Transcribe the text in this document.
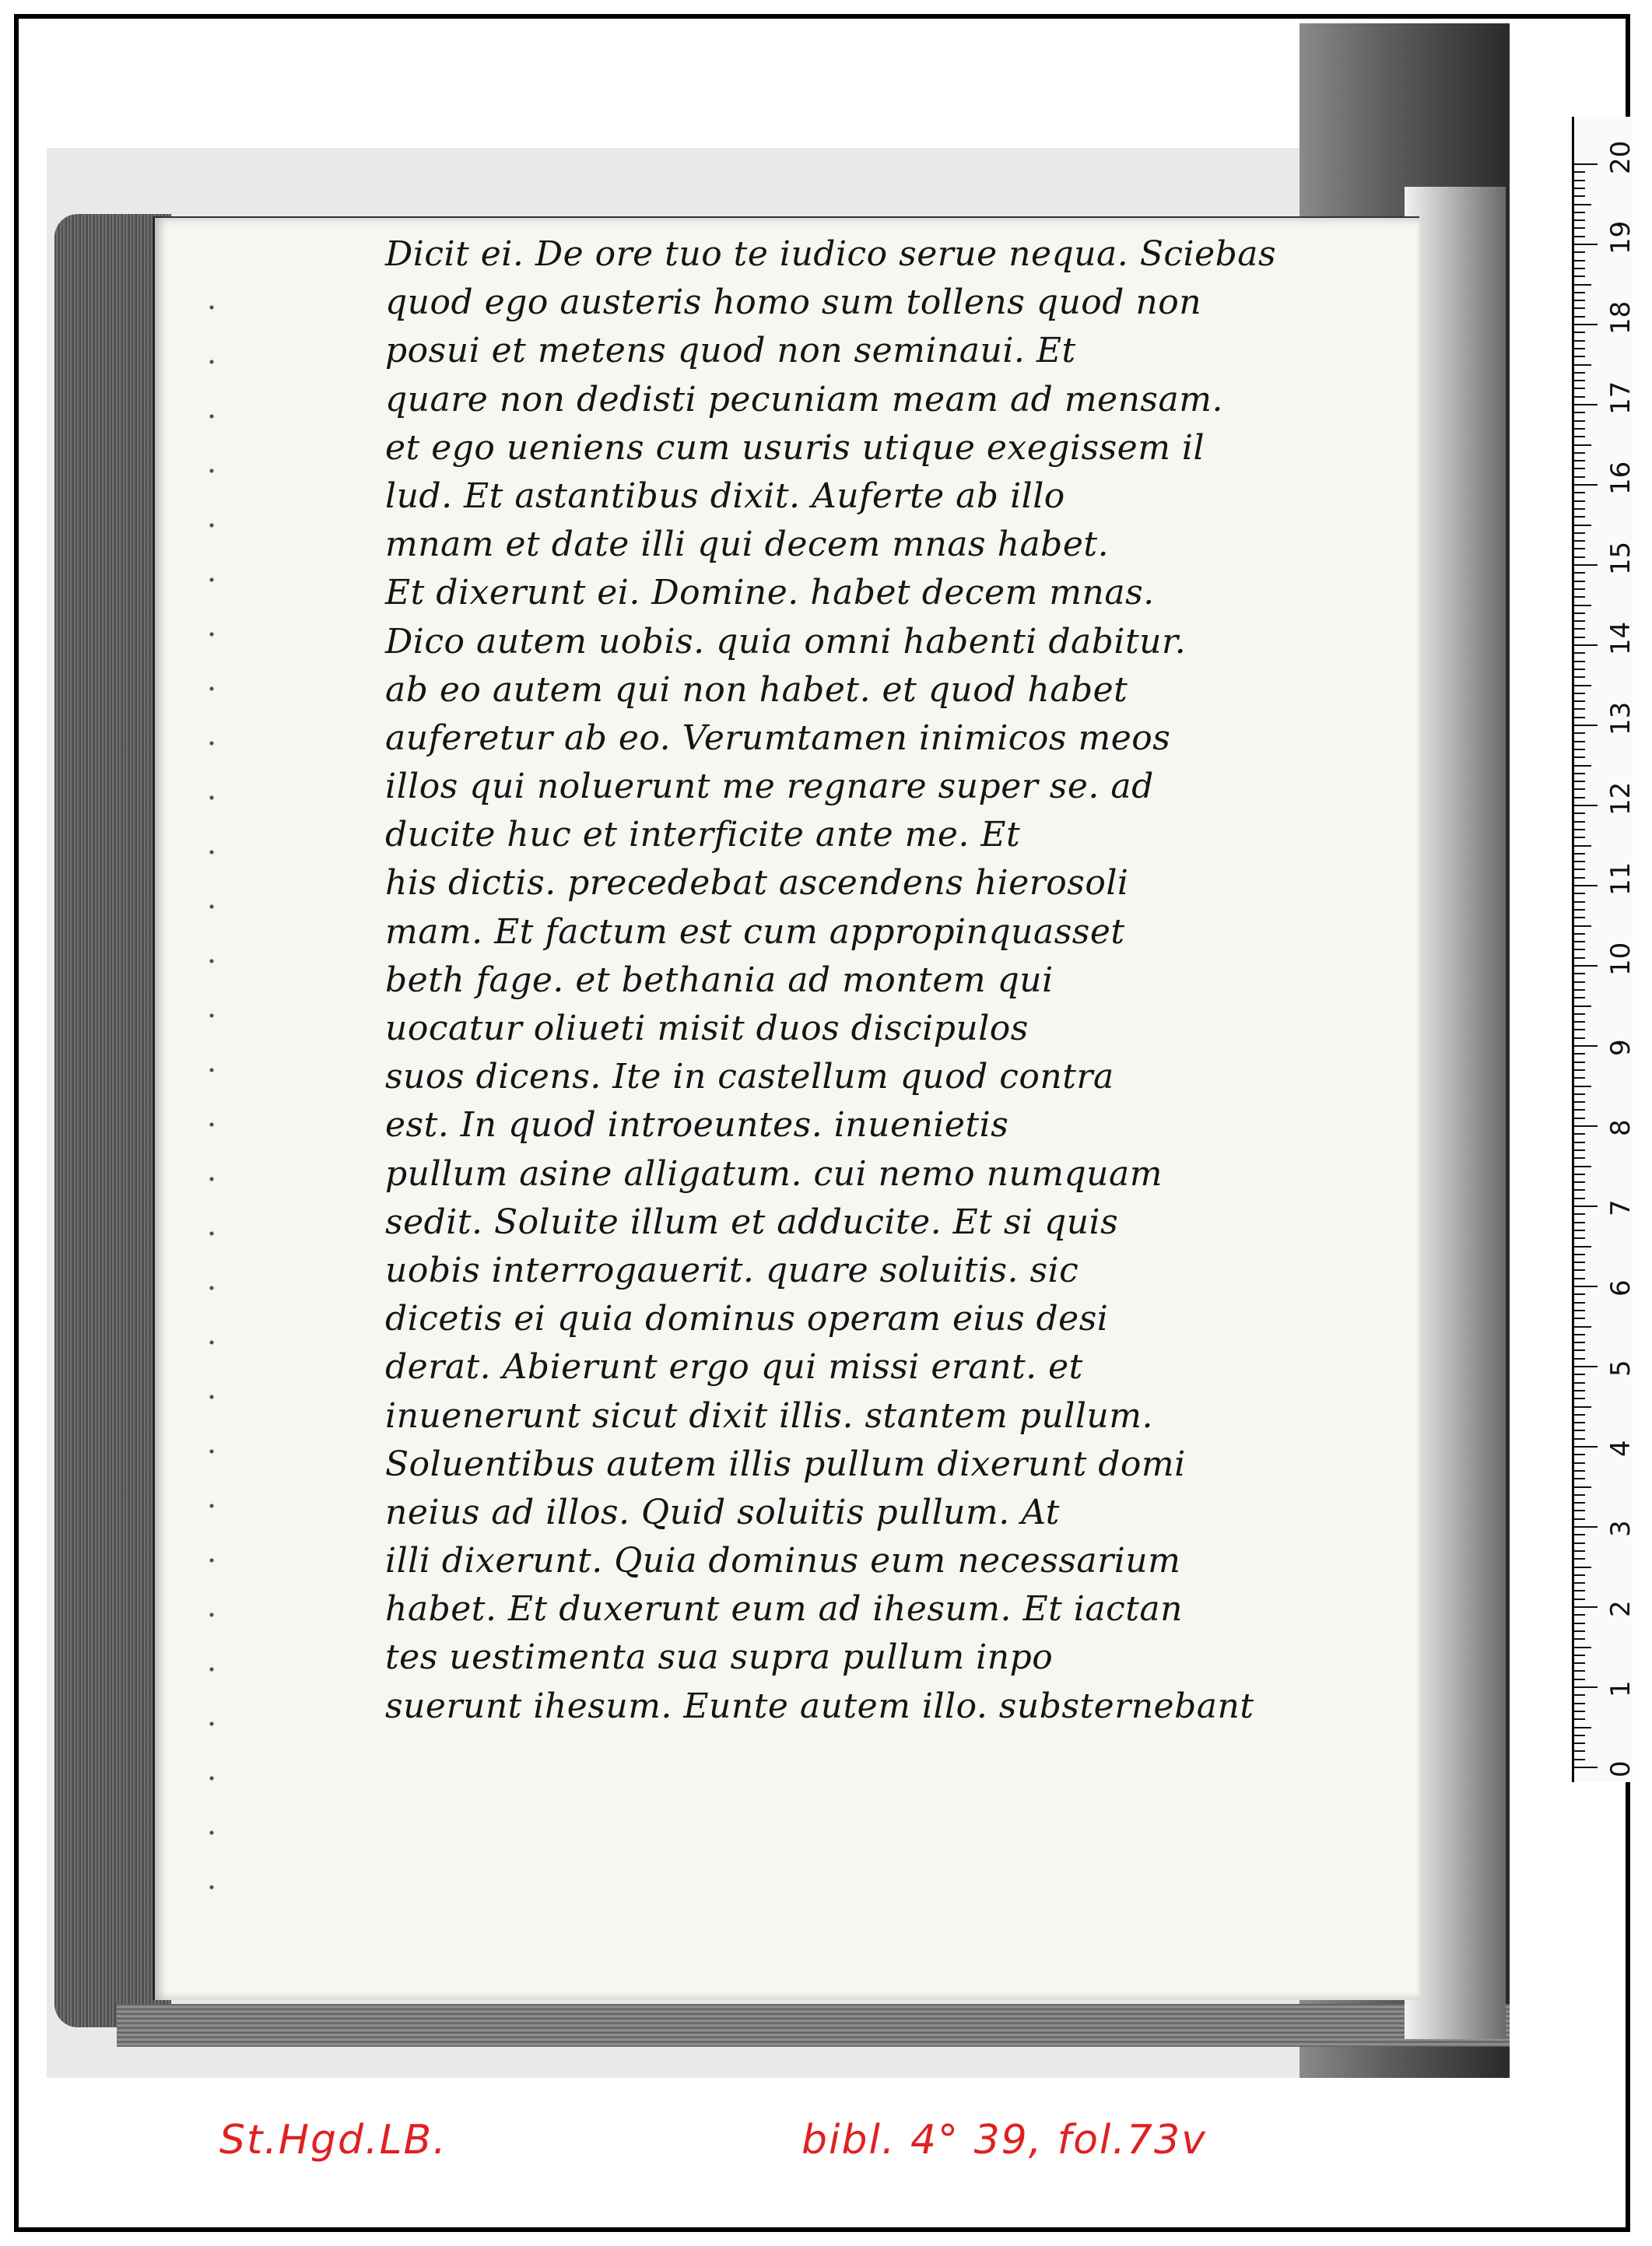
Dicit ei. De ore tuo te iudico serue nequa. Sciebas
quod ego austeris homo sum tollens quod non
posui et metens quod non seminaui. Et
quare non dedisti pecuniam meam ad mensam.
et ego ueniens cum usuris utique exegissem il
lud. Et astantibus dixit. Auferte ab illo
mnam et date illi qui decem mnas habet.
Et dixerunt ei. Domine. habet decem mnas.
Dico autem uobis. quia omni habenti dabitur.
ab eo autem qui non habet. et quod habet
auferetur ab eo. Verumtamen inimicos meos
illos qui noluerunt me regnare super se. ad
ducite huc et interficite ante me. Et
his dictis. precedebat ascendens hierosoli
mam. Et factum est cum appropinquasset
beth fage. et bethania ad montem qui
uocatur oliueti misit duos discipulos
suos dicens. Ite in castellum quod contra
est. In quod introeuntes. inuenietis
pullum asine alligatum. cui nemo numquam
sedit. Soluite illum et adducite. Et si quis
uobis interrogauerit. quare soluitis. sic
dicetis ei quia dominus operam eius desi
derat. Abierunt ergo qui missi erant. et
inuenerunt sicut dixit illis. stantem pullum.
Soluentibus autem illis pullum dixerunt domi
neius ad illos. Quid soluitis pullum. At
illi dixerunt. Quia dominus eum necessarium
habet. Et duxerunt eum ad ihesum. Et iactan
tes uestimenta sua supra pullum inpo
suerunt ihesum. Eunte autem illo. substernebant
0
1
2
3
4
5
6
7
8
9
10
11
12
13
14
15
16
17
18
19
20
St.Hgd.LB.	bibl. 4° 39, fol.73v
